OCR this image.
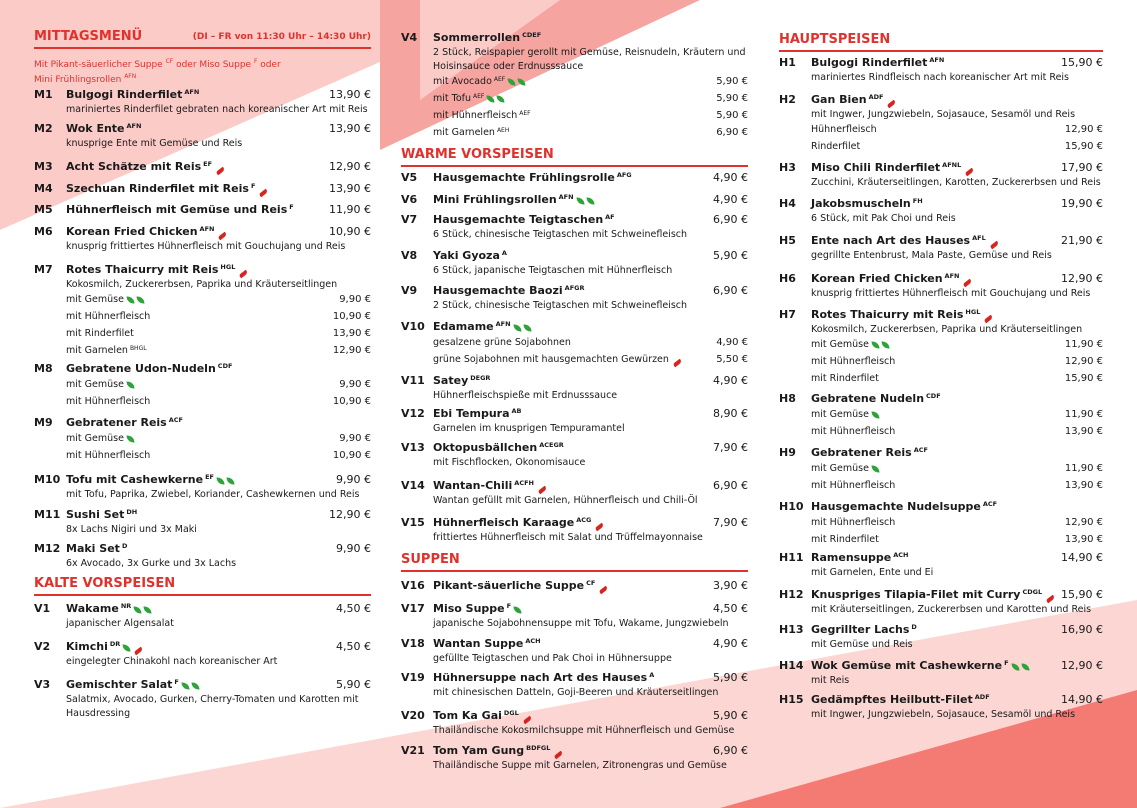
MITTAGSMENÜ	(DI – FR von 11:30 Uhr – 14:30 Uhr)
Mit Pikant-säuerlicher Suppe $^{CF}$ oder Miso Suppe $^F$ oder
Mini Frühlingsrollen $^{AFN}$
M1 Bulgogi Rinderfilet $^{AFN}$	13,90 €
mariniertes Rinderfilet gebraten nach koreanischer Art mit Reis
M2 Wok Ente $^{AFN}$	13,90 €
knusprige Ente mit Gemüse und Reis
M3 Acht Schätze mit Reis $^{EF}$	12,90 €
M4 Szechuan Rinderfilet mit Reis $^F$	13,90 €
M5 Hühnerfleisch mit Gemüse und Reis $^F$	11,90 €
M6 Korean Fried Chicken $^{AFN}$	10,90 €
knusprig frittiertes Hühnerfleisch mit Gouchujang und Reis
M7 Rotes Thaicurry mit Reis $^{HGL}$
Kokosmilch, Zuckererbsen, Paprika und Kräuterseitlingen
mit Gemüse	9,90 €
mit Hühnerfleisch	10,90 €
mit Rinderfilet	13,90 €
mit Garnelen $^{BHGL}$	12,90 €
M8 Gebratene Udon-Nudeln $^{CDF}$
mit Gemüse	9,90 €
mit Hühnerfleisch	10,90 €
M9 Gebratener Reis $^{ACF}$
mit Gemüse	9,90 €
mit Hühnerfleisch	10,90 €
M10 Tofu mit Cashewkerne $^{EF}$	9,90 €
mit Tofu, Paprika, Zwiebel, Koriander, Cashewkernen und Reis
M11 Sushi Set $^{DH}$	12,90 €
8x Lachs Nigiri und 3x Maki
M12 Maki Set $^D$	9,90 €
6x Avocado, 3x Gurke und 3x Lachs
KALTE VORSPEISEN
V1 Wakame $^{NR}$	4,50 €
japanischer Algensalat
V2 Kimchi $^{DR}$	4,50 €
eingelegter Chinakohl nach koreanischer Art
V3 Gemischter Salat $^F$	5,90 €
Salatmix, Avocado, Gurken, Cherry-Tomaten und Karotten mit Hausdressing
V4 Sommerrollen $^{CDEF}$
2 Stück, Reispapier gerollt mit Gemüse, Reisnudeln, Kräutern und Hoisinsauce oder Erdnusssauce
mit Avocado $^{AEF}$	5,90 €
mit Tofu $^{AEF}$	5,90 €
mit Hühnerfleisch $^{AEF}$	5,90 €
mit Garnelen $^{AEH}$	6,90 €
WARME VORSPEISEN
V5 Hausgemachte Frühlingsrolle $^{AFG}$	4,90 €
V6 Mini Frühlingsrollen $^{AFN}$	4,90 €
V7 Hausgemachte Teigtaschen $^{AF}$	6,90 €
6 Stück, chinesische Teigtaschen mit Schweinefleisch
V8 Yaki Gyoza $^A$	5,90 €
6 Stück, japanische Teigtaschen mit Hühnerfleisch
V9 Hausgemachte Baozi $^{AFGR}$	6,90 €
2 Stück, chinesische Teigtaschen mit Schweinefleisch
V10 Edamame $^{AFN}$
gesalzene grüne Sojabohnen	4,90 €
grüne Sojabohnen mit hausgemachten Gewürzen	5,50 €
V11 Satey $^{DEGR}$	4,90 €
Hühnerfleischspieße mit Erdnusssauce
V12 Ebi Tempura $^{AB}$	8,90 €
Garnelen im knusprigen Tempuramantel
V13 Oktopusbällchen $^{ACEGR}$	7,90 €
mit Fischflocken, Okonomisauce
V14 Wantan-Chili $^{ACFH}$	6,90 €
Wantan gefüllt mit Garnelen, Hühnerfleisch und Chili-Öl
V15 Hühnerfleisch Karaage $^{ACG}$	7,90 €
frittiertes Hühnerfleisch mit Salat und Trüffelmayonnaise
SUPPEN
V16 Pikant-säuerliche Suppe $^{CF}$	3,90 €
V17 Miso Suppe $^F$	4,50 €
japanische Sojabohnensuppe mit Tofu, Wakame, Jungzwiebeln
V18 Wantan Suppe $^{ACH}$	4,90 €
gefüllte Teigtaschen und Pak Choi in Hühnersuppe
V19 Hühnersuppe nach Art des Hauses $^A$	5,90 €
mit chinesischen Datteln, Goji-Beeren und Kräuterseitlingen
V20 Tom Ka Gai $^{DGL}$	5,90 €
Thailändische Kokosmilchsuppe mit Hühnerfleisch und Gemüse
V21 Tom Yam Gung $^{BDFGL}$	6,90 €
Thailändische Suppe mit Garnelen, Zitronengras und Gemüse
HAUPTSPEISEN
H1 Bulgogi Rinderfilet $^{AFN}$	15,90 €
mariniertes Rindfleisch nach koreanischer Art mit Reis
H2 Gan Bien $^{ADF}$
mit Ingwer, Jungzwiebeln, Sojasauce, Sesamöl und Reis
Hühnerfleisch	12,90 €
Rinderfilet	15,90 €
H3 Miso Chili Rinderfilet $^{AFNL}$	17,90 €
Zucchini, Kräuterseitlingen, Karotten, Zuckererbsen und Reis
H4 Jakobsmuscheln $^{FH}$	19,90 €
6 Stück, mit Pak Choi und Reis
H5 Ente nach Art des Hauses $^{AFL}$	21,90 €
gegrillte Entenbrust, Mala Paste, Gemüse und Reis
H6 Korean Fried Chicken $^{AFN}$	12,90 €
knusprig frittiertes Hühnerfleisch mit Gouchujang und Reis
H7 Rotes Thaicurry mit Reis $^{HGL}$
Kokosmilch, Zuckererbsen, Paprika und Kräuterseitlingen
mit Gemüse	11,90 €
mit Hühnerfleisch	12,90 €
mit Rinderfilet	15,90 €
H8 Gebratene Nudeln $^{CDF}$
mit Gemüse	11,90 €
mit Hühnerfleisch	13,90 €
H9 Gebratener Reis $^{ACF}$
mit Gemüse	11,90 €
mit Hühnerfleisch	13,90 €
H10 Hausgemachte Nudelsuppe $^{ACF}$
mit Hühnerfleisch	12,90 €
mit Rinderfilet	13,90 €
H11 Ramensuppe $^{ACH}$	14,90 €
mit Garnelen, Ente und Ei
H12 Knuspriges Tilapia-Filet mit Curry $^{CDGL}$	15,90 €
mit Kräuterseitlingen, Zuckererbsen und Karotten und Reis
H13 Gegrillter Lachs $^D$	16,90 €
mit Gemüse und Reis
H14 Wok Gemüse mit Cashewkerne $^F$	12,90 €
mit Reis
H15 Gedämpftes Heilbutt-Filet $^{ADF}$	14,90 €
mit Ingwer, Jungzwiebeln, Sojasauce, Sesamöl und Reis
